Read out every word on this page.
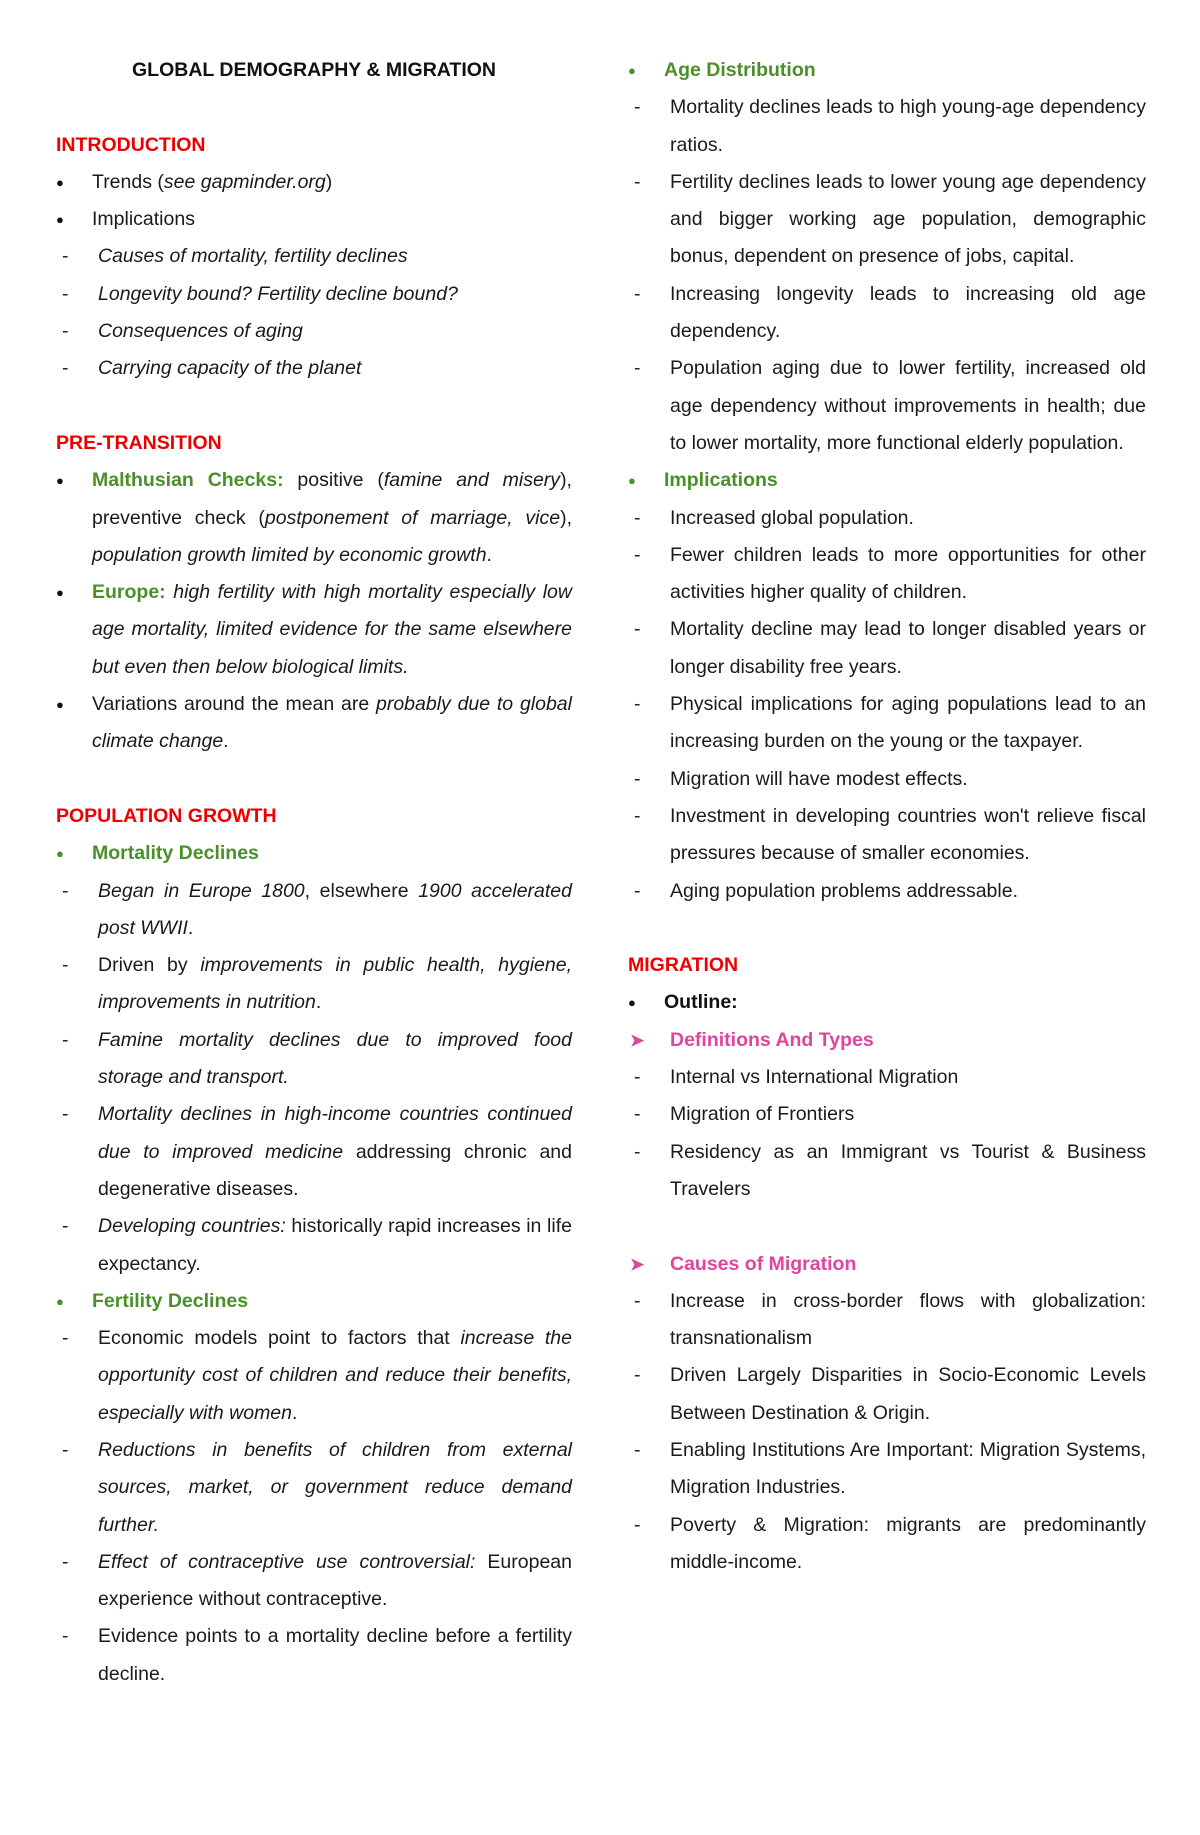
GLOBAL DEMOGRAPHY & MIGRATION
INTRODUCTION
● Trends (see gapminder.org)
● Implications
- Causes of mortality, fertility declines
- Longevity bound? Fertility decline bound?
- Consequences of aging
- Carrying capacity of the planet
PRE-TRANSITION
● Malthusian Checks: positive (famine and misery), preventive check (postponement of marriage, vice), population growth limited by economic growth.
● Europe: high fertility with high mortality especially low age mortality, limited evidence for the same elsewhere but even then below biological limits.
● Variations around the mean are probably due to global climate change.
POPULATION GROWTH
● Mortality Declines
- Began in Europe 1800, elsewhere 1900 accelerated post WWII.
- Driven by improvements in public health, hygiene, improvements in nutrition.
- Famine mortality declines due to improved food storage and transport.
- Mortality declines in high-income countries continued due to improved medicine addressing chronic and degenerative diseases.
- Developing countries: historically rapid increases in life expectancy.
● Fertility Declines
- Economic models point to factors that increase the opportunity cost of children and reduce their benefits, especially with women.
- Reductions in benefits of children from external sources, market, or government reduce demand further.
- Effect of contraceptive use controversial: European experience without contraceptive.
- Evidence points to a mortality decline before a fertility decline.
● Age Distribution
- Mortality declines leads to high young-age dependency ratios.
- Fertility declines leads to lower young age dependency and bigger working age population, demographic bonus, dependent on presence of jobs, capital.
- Increasing longevity leads to increasing old age dependency.
- Population aging due to lower fertility, increased old age dependency without improvements in health; due to lower mortality, more functional elderly population.
● Implications
- Increased global population.
- Fewer children leads to more opportunities for other activities higher quality of children.
- Mortality decline may lead to longer disabled years or longer disability free years.
- Physical implications for aging populations lead to an increasing burden on the young or the taxpayer.
- Migration will have modest effects.
- Investment in developing countries won't relieve fiscal pressures because of smaller economies.
- Aging population problems addressable.
MIGRATION
● Outline:
➤ Definitions And Types
- Internal vs International Migration
- Migration of Frontiers
- Residency as an Immigrant vs Tourist & Business Travelers
➤ Causes of Migration
- Increase in cross-border flows with globalization: transnationalism
- Driven Largely Disparities in Socio-Economic Levels Between Destination & Origin.
- Enabling Institutions Are Important: Migration Systems, Migration Industries.
- Poverty & Migration: migrants are predominantly middle-income.
